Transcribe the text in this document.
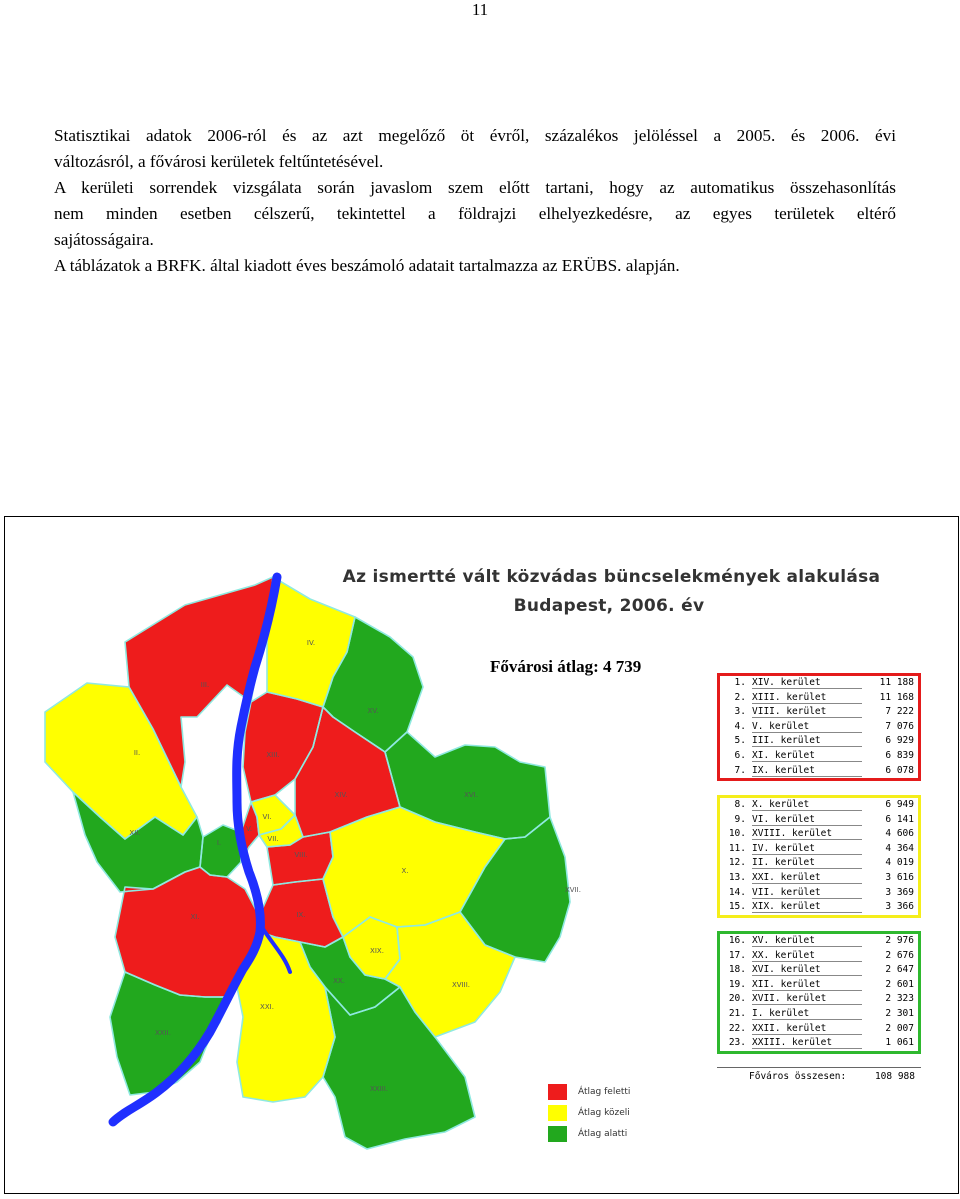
11

Statisztikai adatok 2006-ról és az azt megelőző öt évről, százalékos jelöléssel a 2005. és 2006. évi

változásról, a fővárosi kerületek feltűntetésével.

A kerületi sorrendek vizsgálata során javaslom szem előtt tartani, hogy az automatikus összehasonlítás

nem minden esetben célszerű, tekintettel a földrajzi elhelyezkedésre, az egyes területek eltérő

sajátosságaira.

A táblázatok a BRFK. által kiadott éves beszámoló adatait tartalmazza az ERÜBS. alapján.

Az ismertté vált közvádas büncselekmények alakulása
Budapest, 2006. év
Fővárosi átlag: 4 739
III.
II.
IV.
XV.
XIII.
XIV.	XVI.
XII.
I.
V.
VI.
VII.
VIII.
X.
XVII.
IX.
XI.
XIX.
XVIII.
XX.
XXI.
XXII.
XXIII.
1. XIV. kerület	11 188
2. XIII. kerület	11 168
3. VIII. kerület	7 222
4. V. kerület	7 076
5. III. kerület	6 929
6. XI. kerület	6 839
7. IX. kerület	6 078
8. X. kerület	6 949
9. VI. kerület	6 141
10. XVIII. kerület	4 606
11. IV. kerület	4 364
12. II. kerület	4 019
13. XXI. kerület	3 616
14. VII. kerület	3 369
15. XIX. kerület	3 366
16. XV. kerület	2 976
17. XX. kerület	2 676
18. XVI. kerület	2 647
19. XII. kerület	2 601
20. XVII. kerület	2 323
21. I. kerület	2 301
22. XXII. kerület	2 007
23. XXIII. kerület	1 061
Főváros összesen:	108 988
Átlag feletti
Átlag közeli
Átlag alatti
